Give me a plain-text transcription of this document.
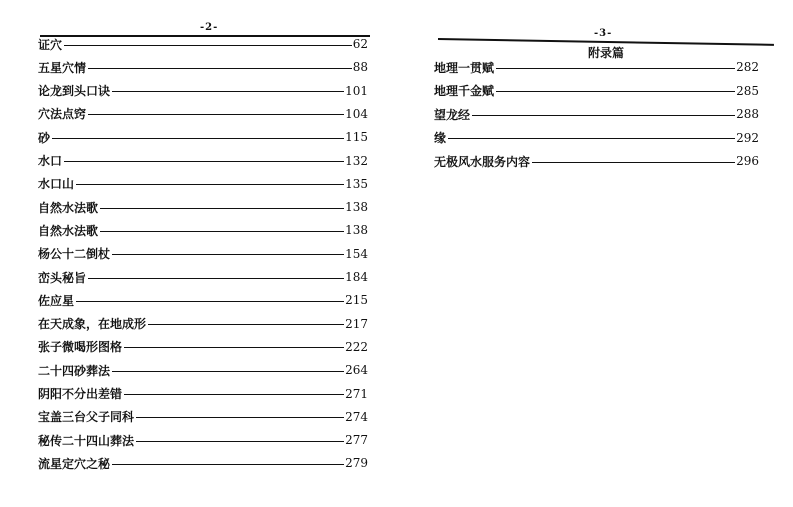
-2-
证穴	62
五星穴情	88
论龙到头口诀	101
穴法点窍	104
砂	115
水口	132
水口山	135
自然水法歌	138
自然水法歌	138
杨公十二倒杖	154
峦头秘旨	184
佐应星	215
在天成象，在地成形	217
张子微喝形图格	222
二十四砂葬法	264
阴阳不分出差错	271
宝盖三台父子同科	274
秘传二十四山葬法	277
流星定穴之秘	279
-3-
附录篇
地理一贯赋	282
地理千金赋	285
望龙经	288
缘	292
无极风水服务内容	296
